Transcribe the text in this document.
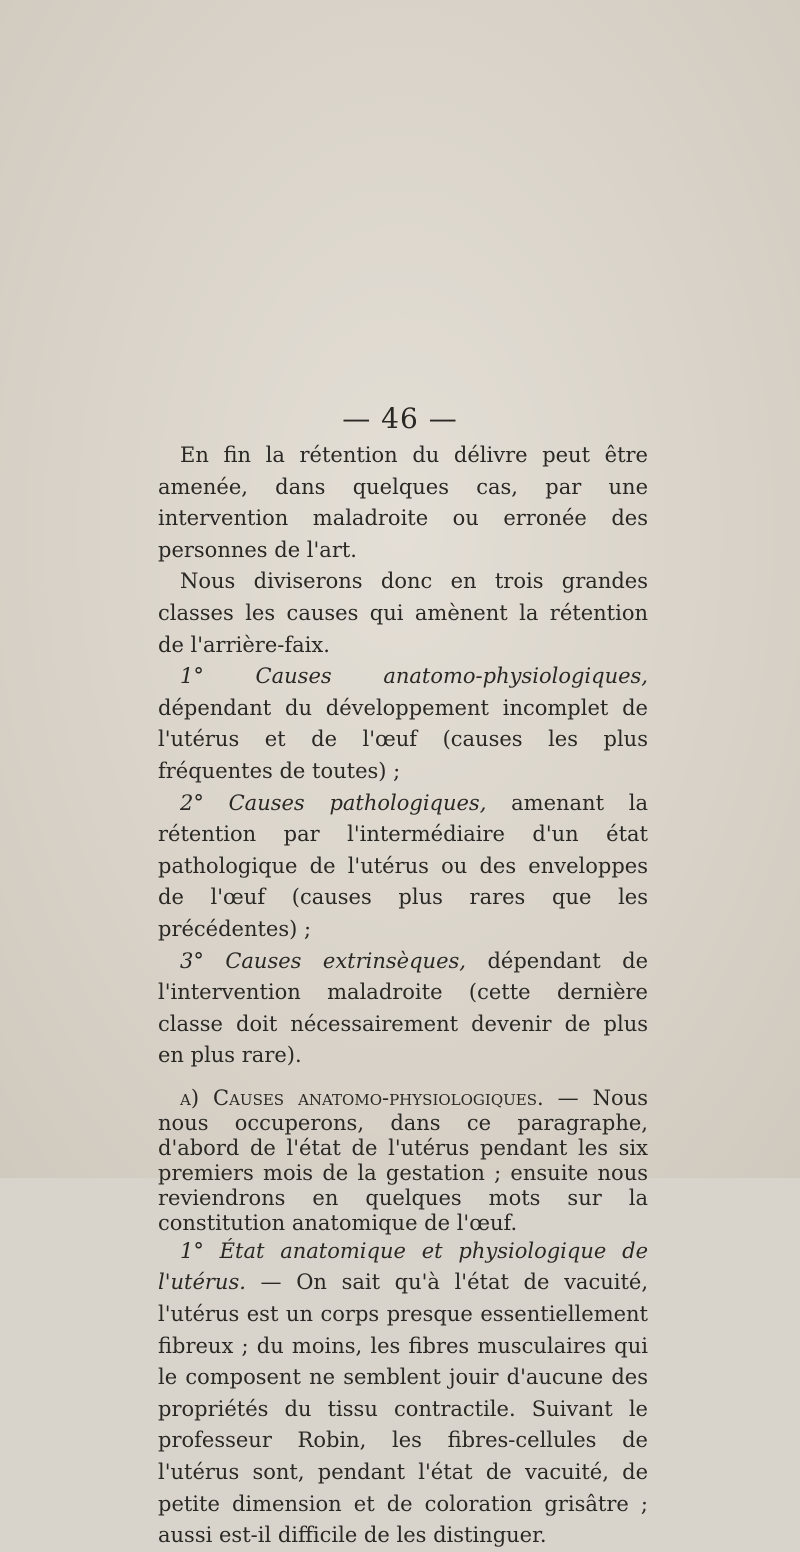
— 46 —

En fin la rétention du délivre peut être amenée, dans quelques cas, par une intervention maladroite ou erronée des personnes de l'art.

Nous diviserons donc en trois grandes classes les causes qui amènent la rétention de l'arrière-faix.

1° Causes anatomo-physiologiques, dépendant du développement incomplet de l'utérus et de l'œuf (causes les plus fréquentes de toutes) ;

2° Causes pathologiques, amenant la rétention par l'intermédiaire d'un état pathologique de l'utérus ou des enveloppes de l'œuf (causes plus rares que les précédentes) ;

3° Causes extrinsèques, dépendant de l'intervention maladroite (cette dernière classe doit nécessairement devenir de plus en plus rare).

a) Causes anatomo-physiologiques. — Nous nous occuperons, dans ce paragraphe, d'abord de l'état de l'utérus pendant les six premiers mois de la gestation ; ensuite nous reviendrons en quelques mots sur la constitution anatomique de l'œuf.

1° État anatomique et physiologique de l'utérus. — On sait qu'à l'état de vacuité, l'utérus est un corps presque essentiellement fibreux ; du moins, les fibres musculaires qui le composent ne semblent jouir d'aucune des propriétés du tissu contractile. Suivant le professeur Robin, les fibres-cellules de l'utérus sont, pendant l'état de vacuité, de petite dimension et de coloration grisâtre ; aussi est-il difficile de les distinguer.
